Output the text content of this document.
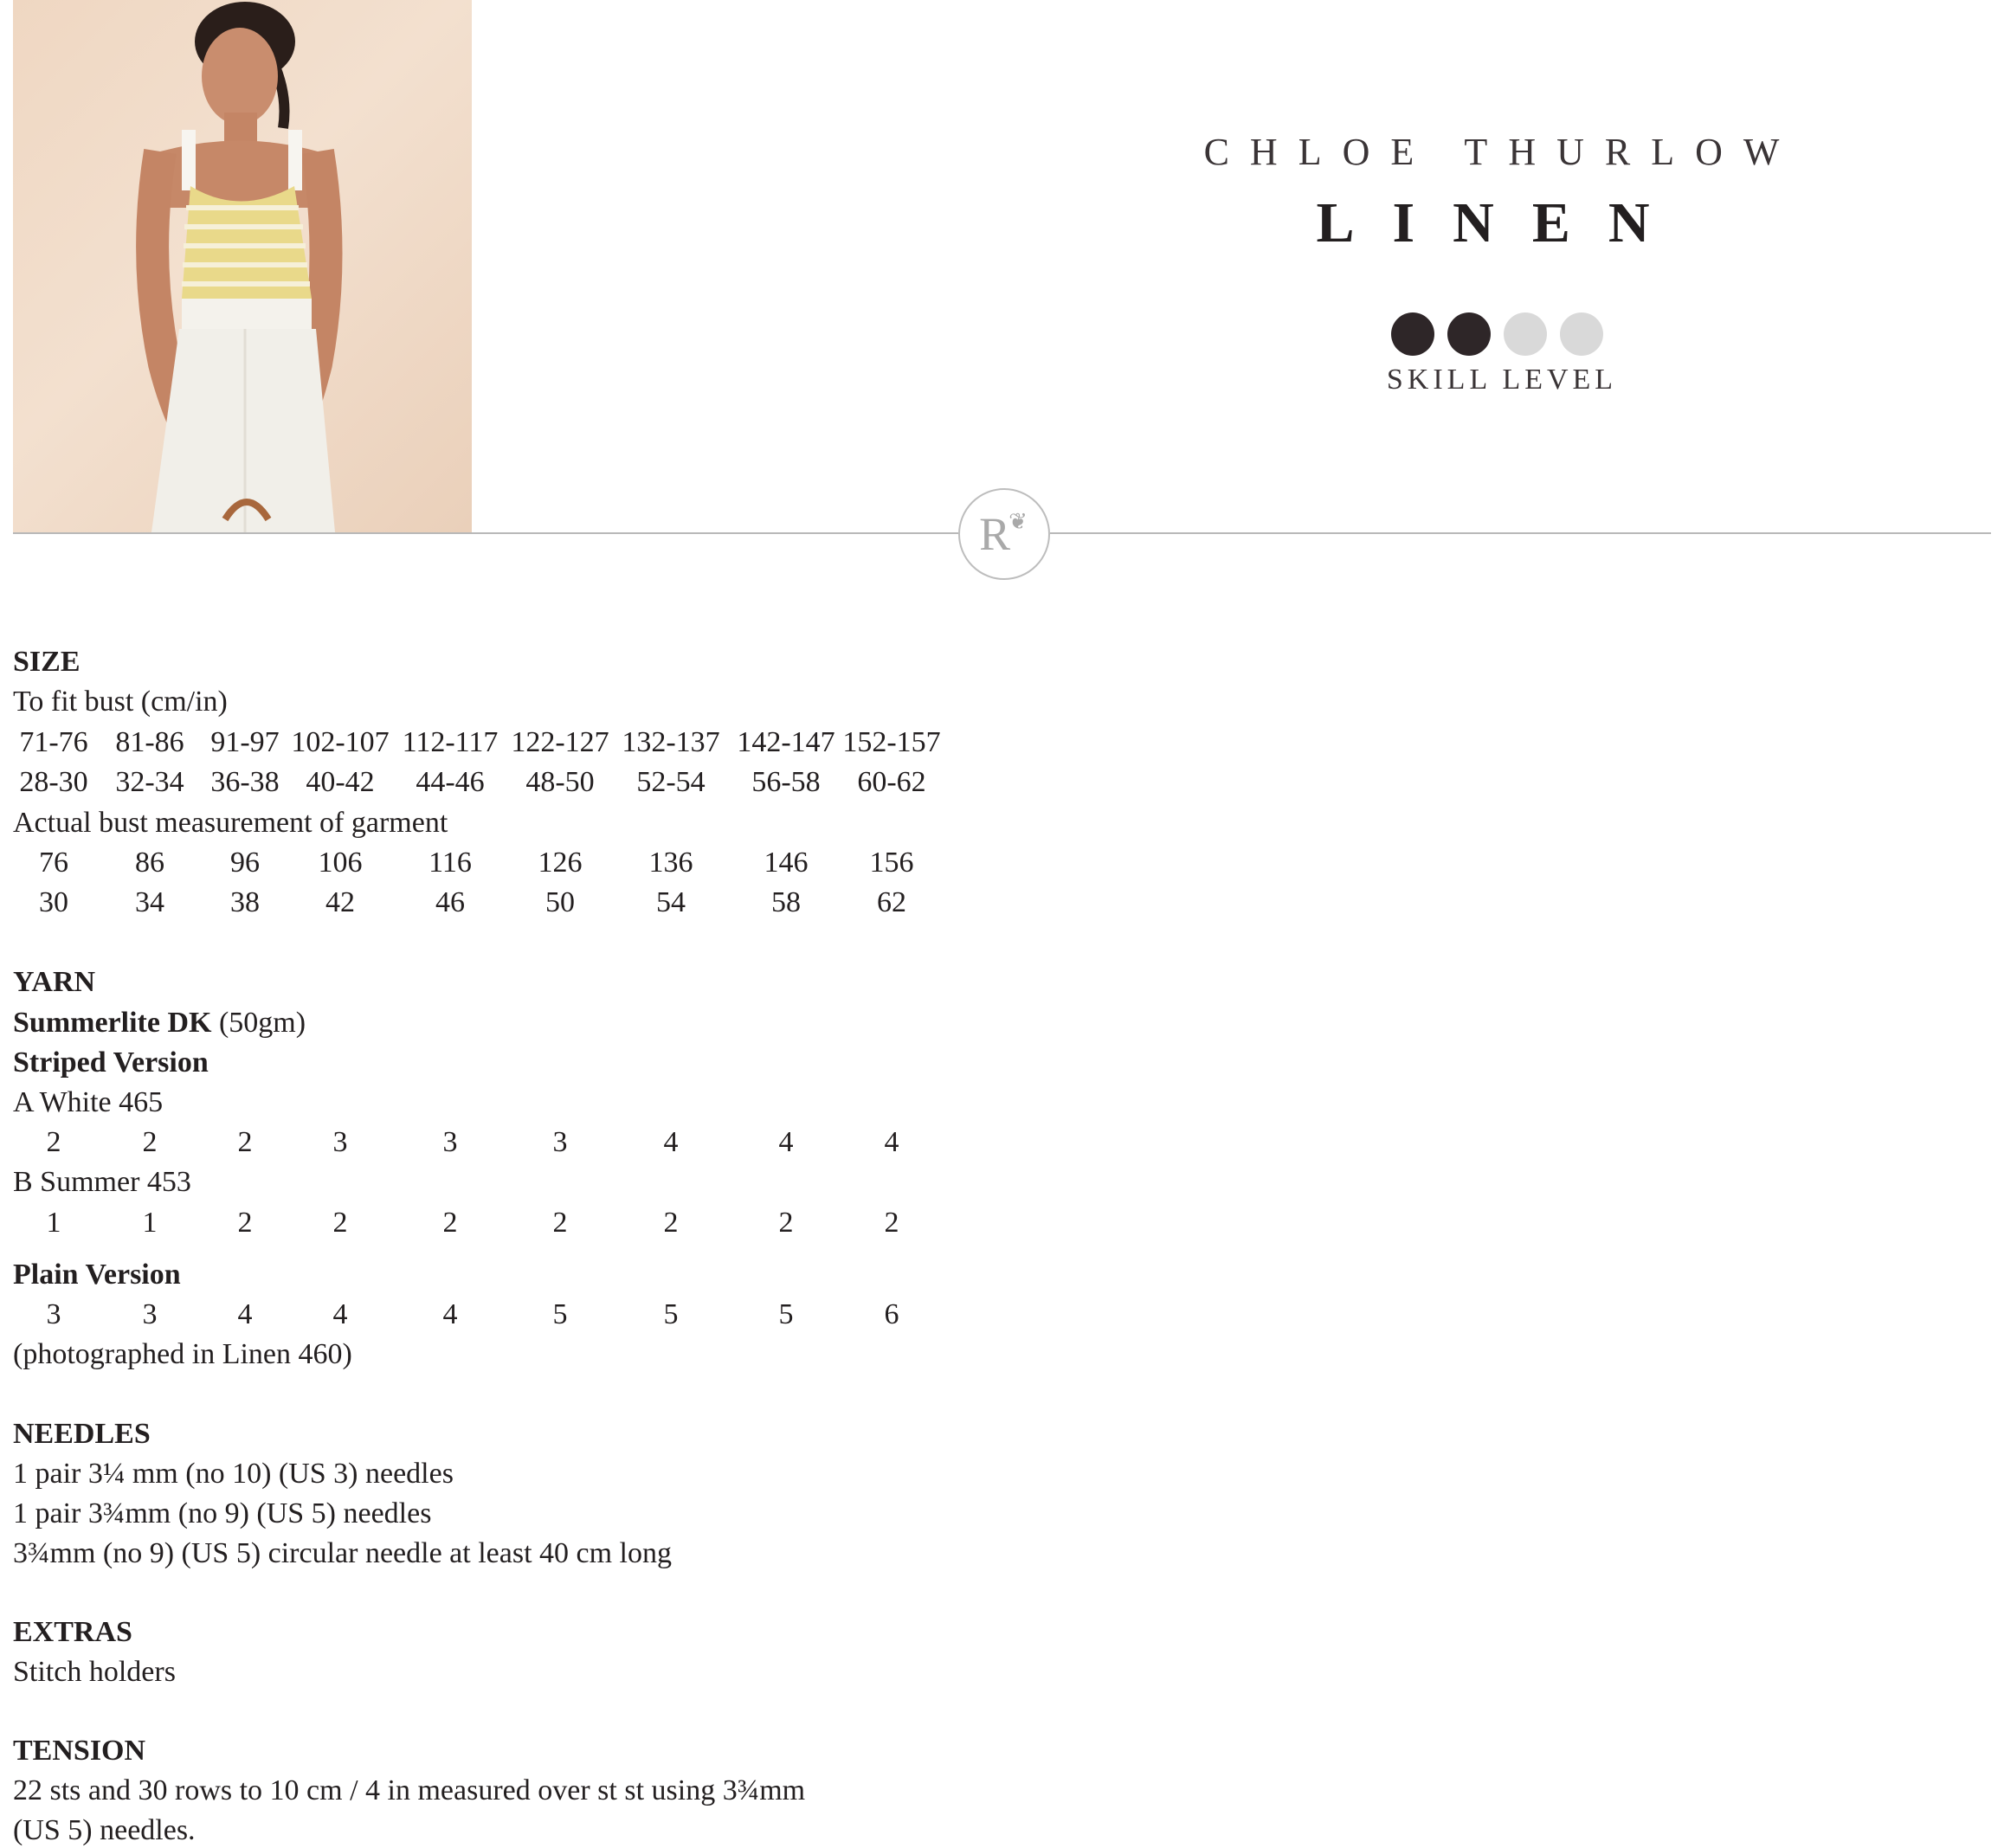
CHLOE THURLOW
LINEN
SKILL LEVEL
R
❦
SIZE
To fit bust (cm/in)
71-76 81-86 91-97 102-107 112-117 122-127 132-137 142-147 152-157
28-30 32-34 36-38 40-42 44-46 48-50 52-54 56-58 60-62
Actual bust measurement of garment
76 86 96 106 116 126 136 146 156
30 34 38 42	46	50	54	58	62
YARN
Summerlite DK (50gm)
Striped Version
A White 465
2	2	2	3	3	3	4	4	4
B Summer 453
1	1	2	2	2	2	2	2	2
Plain Version
3	3	4	4	4	5	5	5	6
(photographed in Linen 460)
NEEDLES
1 pair 3¼ mm (no 10) (US 3) needles
1 pair 3¾mm (no 9) (US 5) needles
3¾mm (no 9) (US 5) circular needle at least 40 cm long
EXTRAS
Stitch holders
TENSION
22 sts and 30 rows to 10 cm / 4 in measured over st st using 3¾mm
(US 5) needles.
